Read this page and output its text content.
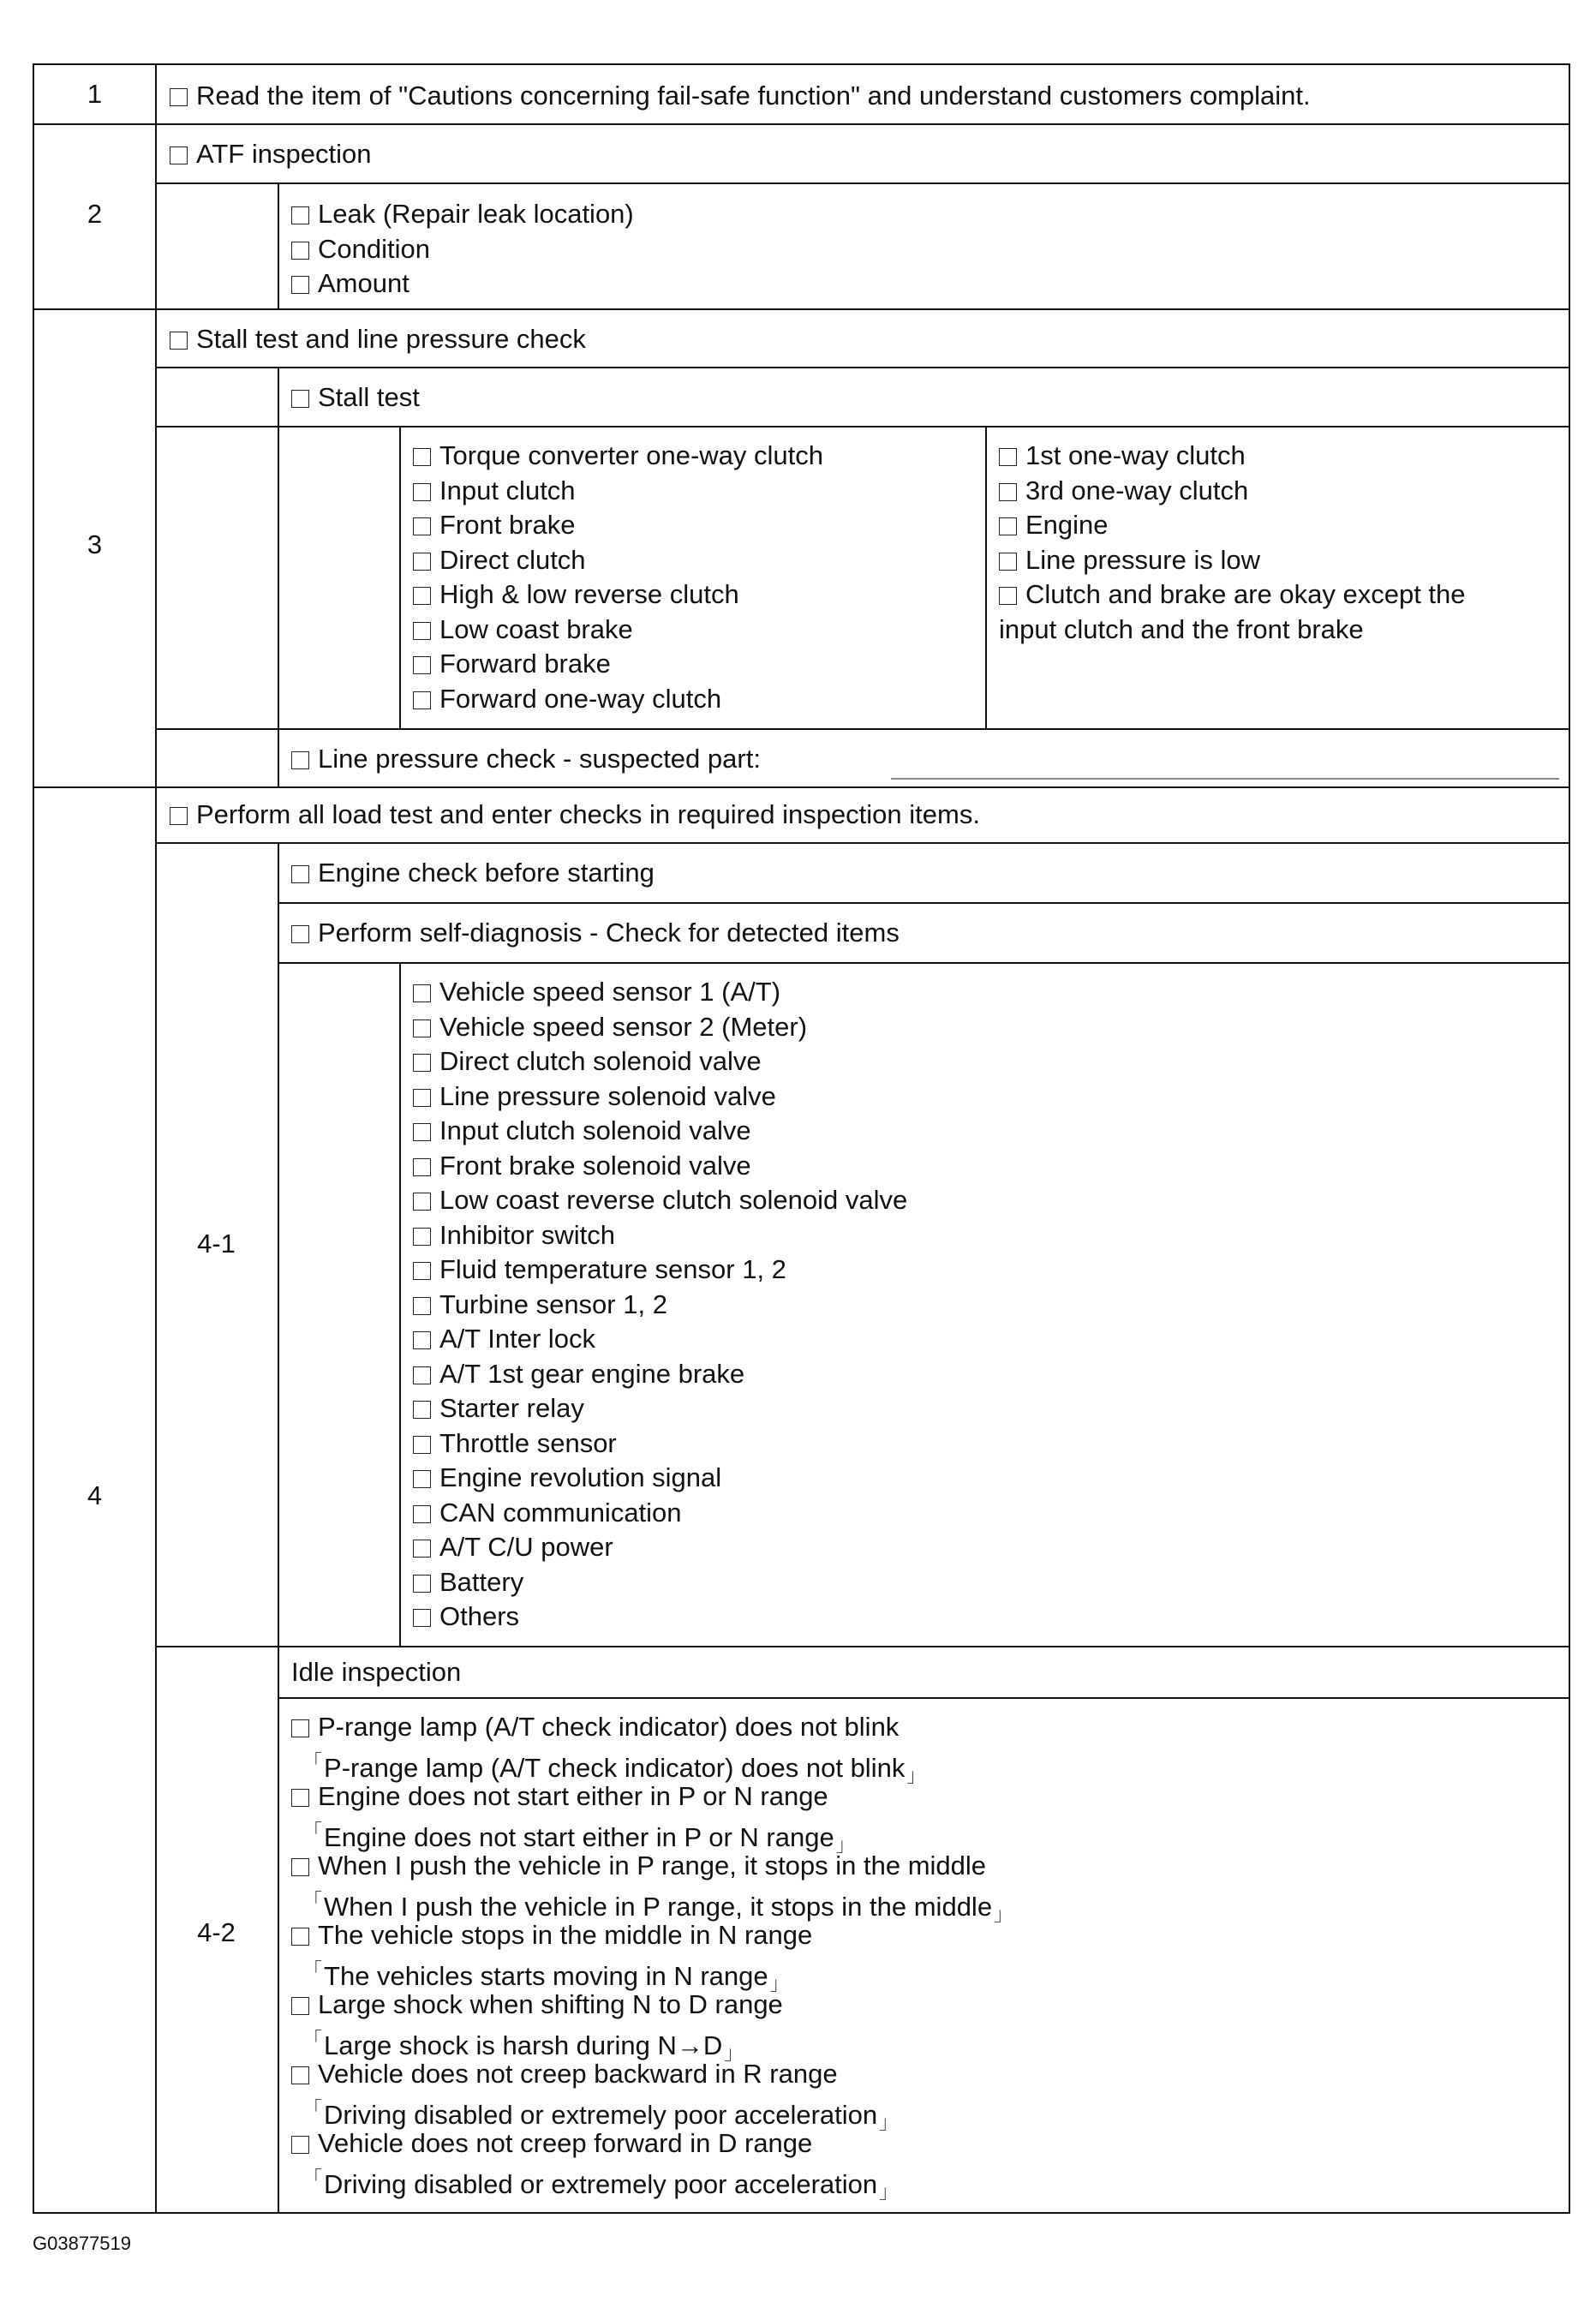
1	Read the item of "Cautions concerning fail-safe function" and understand customers complaint.
2
ATF inspection
Leak (Repair leak location)
Condition
Amount
3
Stall test and line pressure check
Stall test
Torque converter one-way clutch
Input clutch
Front brake
Direct clutch
High & low reverse clutch
Low coast brake
Forward brake
Forward one-way clutch
1st one-way clutch
3rd one-way clutch
Engine
Line pressure is low
Clutch and brake are okay except the
input clutch and the front brake
Line pressure check - suspected part:
4
Perform all load test and enter checks in required inspection items.
4-1
Engine check before starting
Perform self-diagnosis - Check for detected items
Vehicle speed sensor 1 (A/T)
Vehicle speed sensor 2 (Meter)
Direct clutch solenoid valve
Line pressure solenoid valve
Input clutch solenoid valve
Front brake solenoid valve
Low coast reverse clutch solenoid valve
Inhibitor switch
Fluid temperature sensor 1, 2
Turbine sensor 1, 2
A/T Inter lock
A/T 1st gear engine brake
Starter relay
Throttle sensor
Engine revolution signal
CAN communication
A/T C/U power
Battery
Others
4-2
Idle inspection
P-range lamp (A/T check indicator) does not blink
「 P-range lamp (A/T check indicator) does not blink 」
Engine does not start either in P or N range
「 Engine does not start either in P or N range 」
When I push the vehicle in P range, it stops in the middle
「 When I push the vehicle in P range, it stops in the middle 」
The vehicle stops in the middle in N range
「 The vehicles starts moving in N range 」
Large shock when shifting N to D range
「 Large shock is harsh during N→D 」
Vehicle does not creep backward in R range
「 Driving disabled or extremely poor acceleration 」
Vehicle does not creep forward in D range
「 Driving disabled or extremely poor acceleration 」
G03877519
